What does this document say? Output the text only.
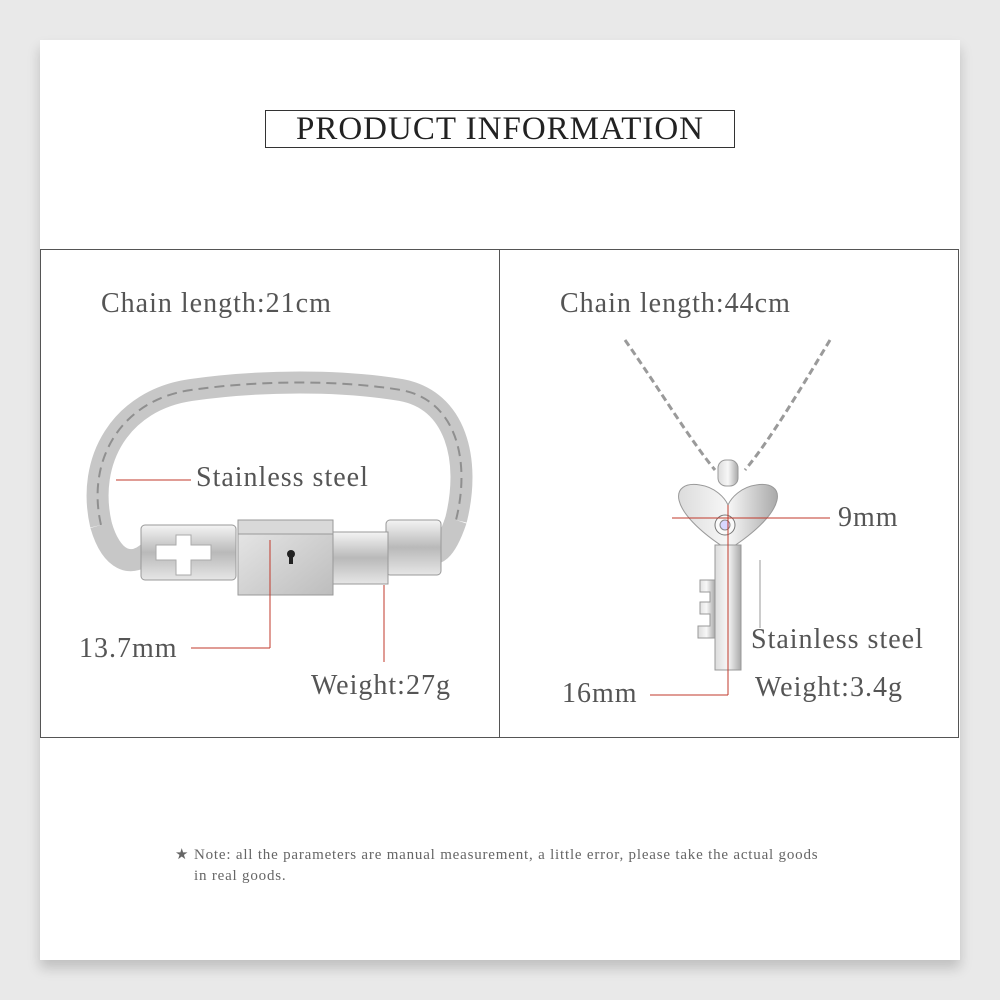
PRODUCT INFORMATION
Chain length:21cm
Stainless steel
13.7mm
Weight:27g
Chain length:44cm
9mm
Stainless steel
16mm	Weight:3.4g
★ Note: all the parameters are manual measurement, a little error, please take the actual goods in real goods.
